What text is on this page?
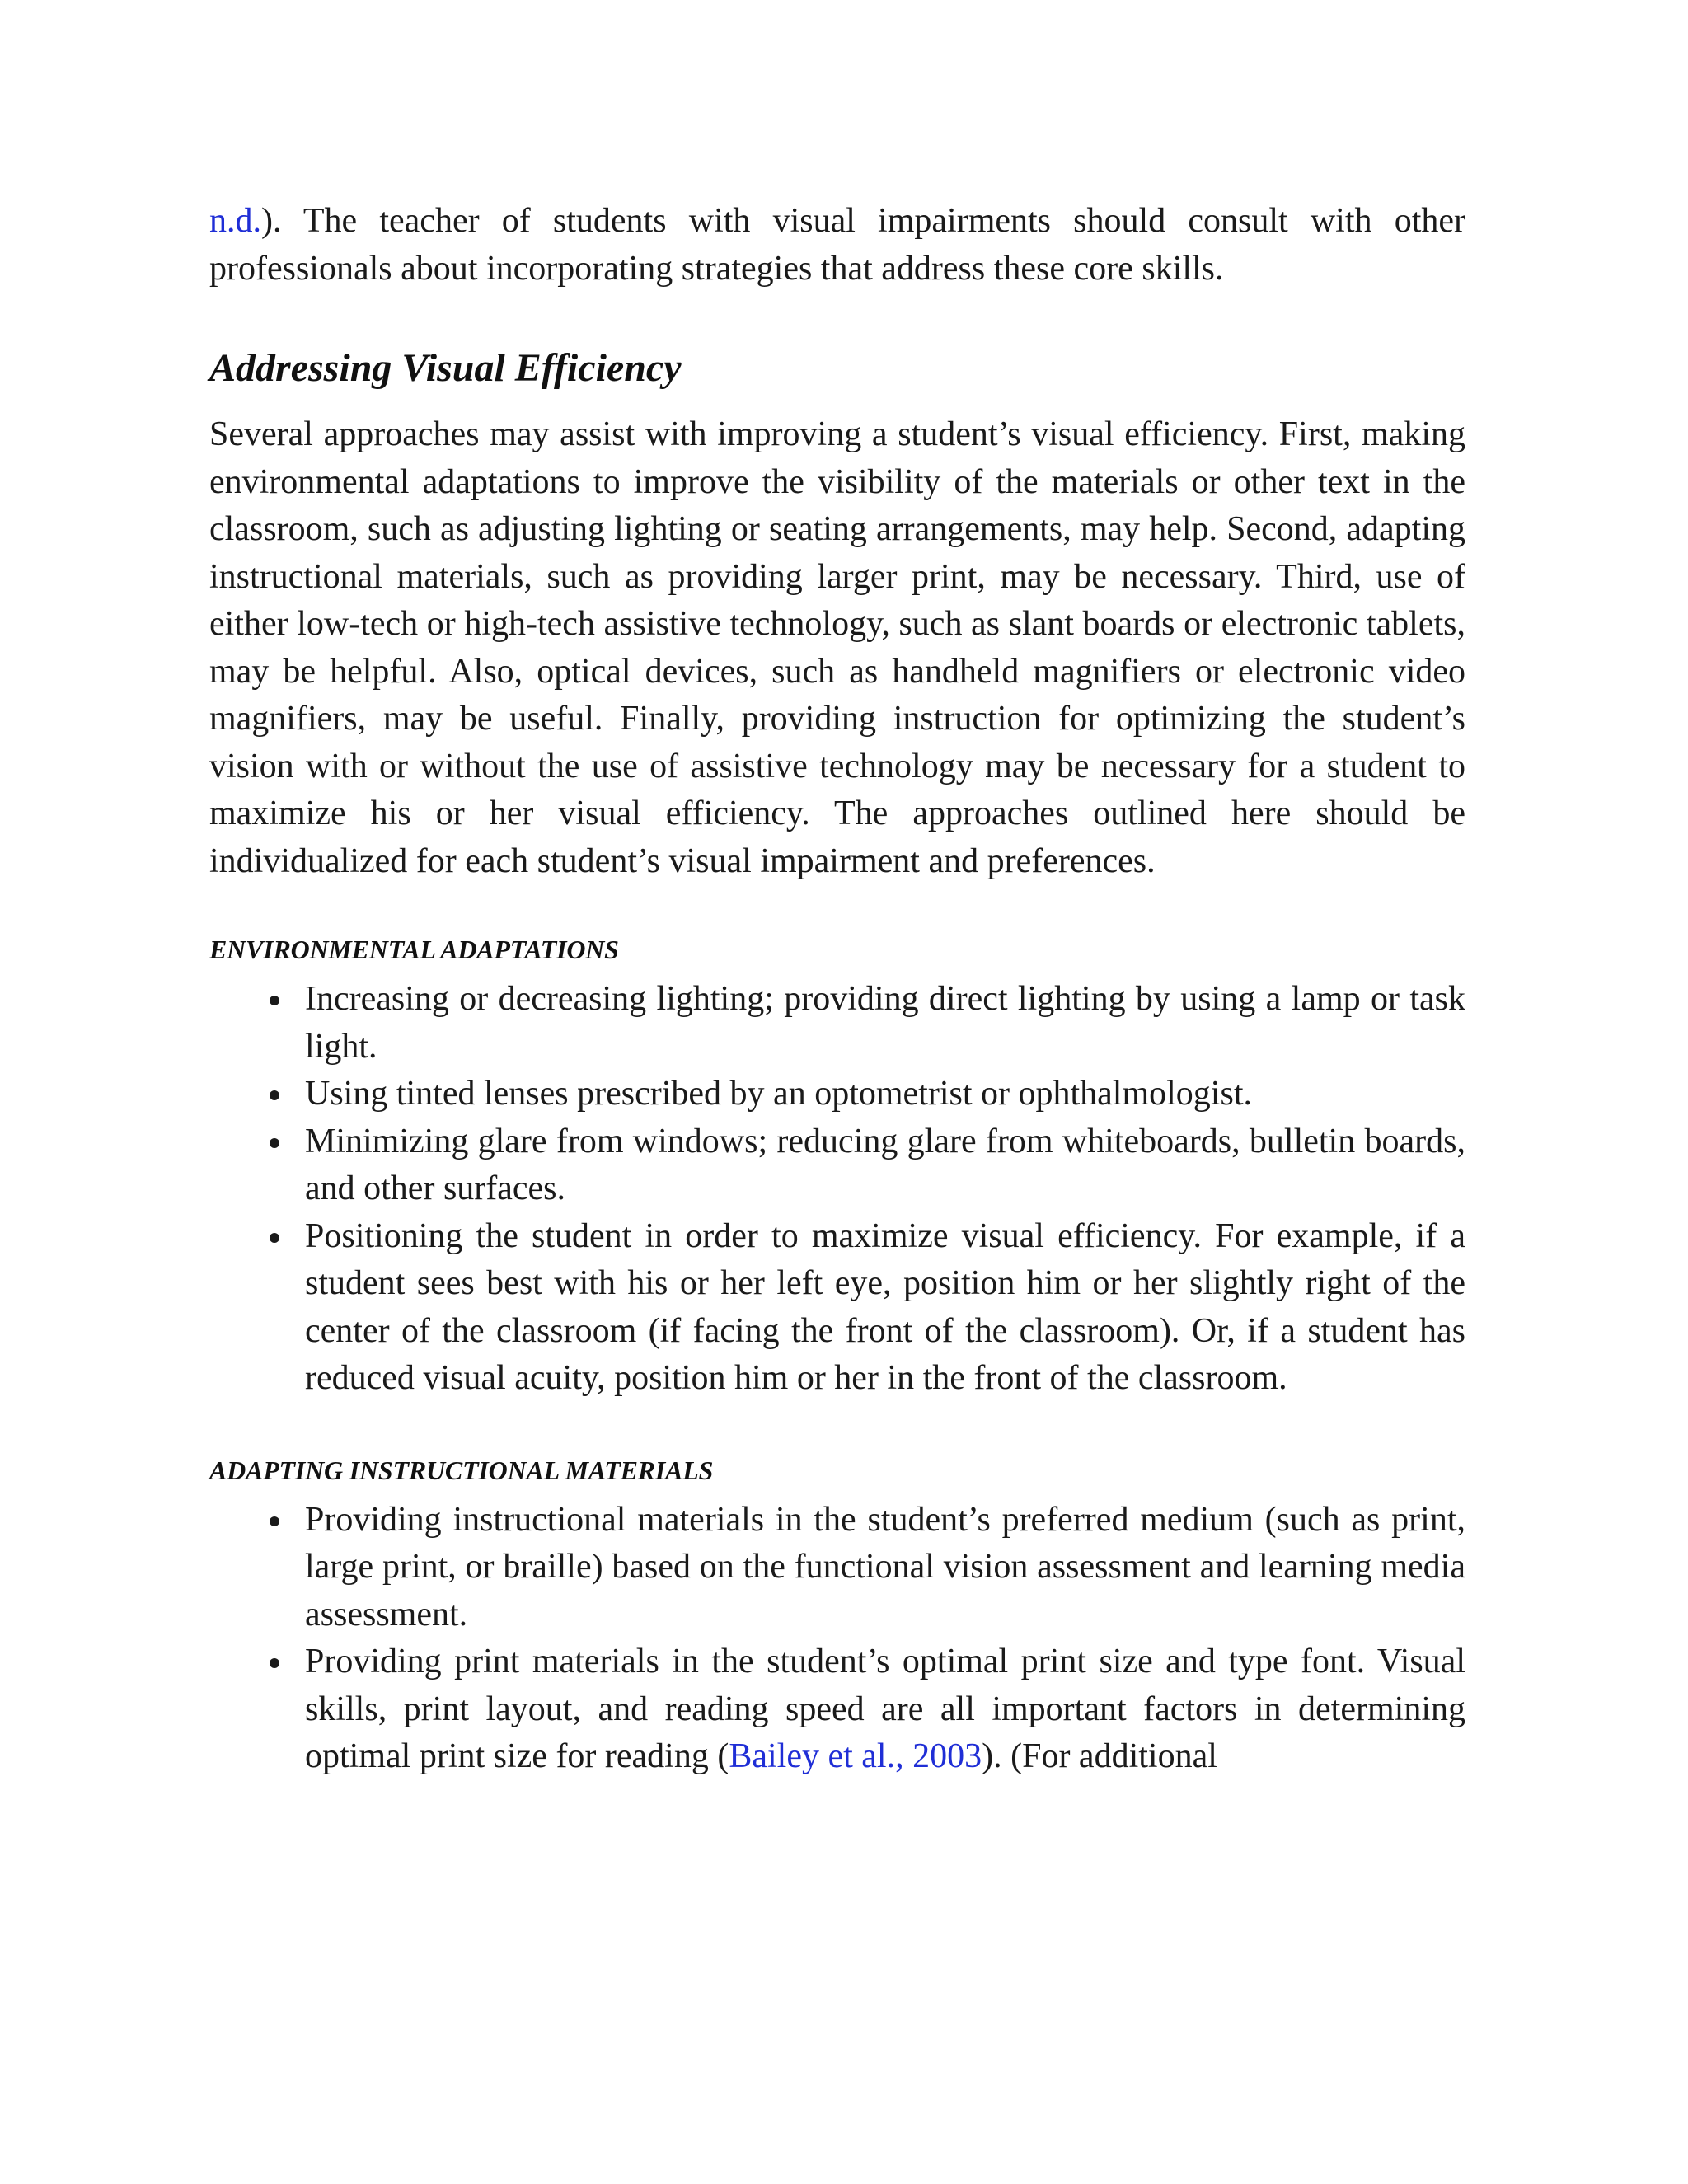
n.d.). The teacher of students with visual impairments should consult with other professionals about incorporating strategies that address these core skills.

Addressing Visual Efficiency

Several approaches may assist with improving a student’s visual efficiency. First, making environmental adaptations to improve the visibility of the materials or other text in the classroom, such as adjusting lighting or seating arrangements, may help. Second, adapting instructional materials, such as providing larger print, may be necessary. Third, use of either low-tech or high-tech assistive technology, such as slant boards or electronic tablets, may be helpful. Also, optical devices, such as handheld magnifiers or electronic video magnifiers, may be useful. Finally, providing instruction for optimizing the student’s vision with or without the use of assistive technology may be necessary for a student to maximize his or her visual efficiency. The approaches outlined here should be individualized for each student’s visual impairment and preferences.

ENVIRONMENTAL ADAPTATIONS
Increasing or decreasing lighting; providing direct lighting by using a lamp or task light.
Using tinted lenses prescribed by an optometrist or ophthalmologist.
Minimizing glare from windows; reducing glare from whiteboards, bulletin boards, and other surfaces.
Positioning the student in order to maximize visual efficiency. For example, if a student sees best with his or her left eye, position him or her slightly right of the center of the classroom (if facing the front of the classroom). Or, if a student has reduced visual acuity, position him or her in the front of the classroom.
ADAPTING INSTRUCTIONAL MATERIALS
Providing instructional materials in the student’s preferred medium (such as print, large print, or braille) based on the functional vision assessment and learning media assessment.
Providing print materials in the student’s optimal print size and type font. Visual skills, print layout, and reading speed are all important factors in determining optimal print size for reading (Bailey et al., 2003). (For additional
